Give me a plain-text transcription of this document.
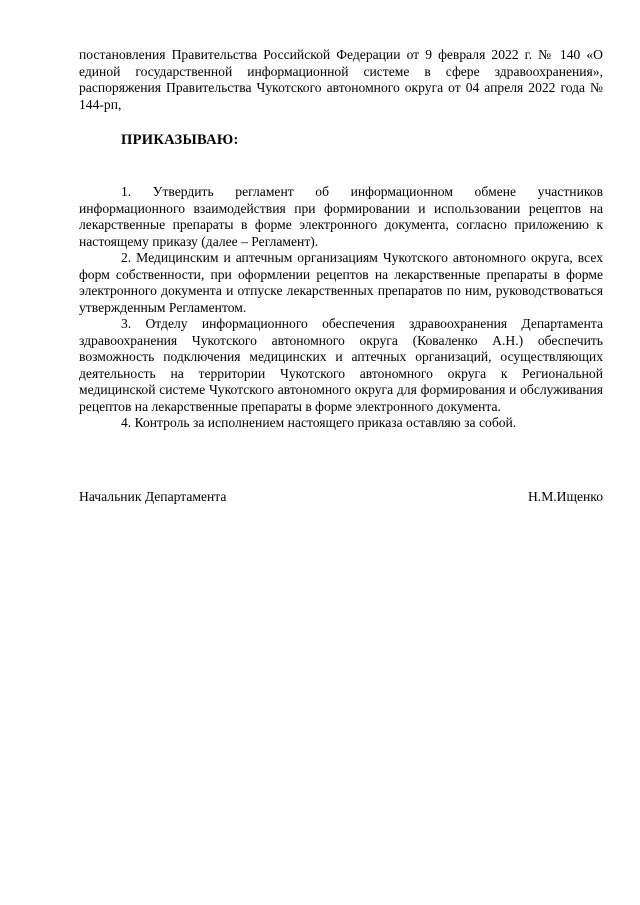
постановления Правительства Российской Федерации от 9 февраля 2022 г. № 140 «О единой государственной информационной системе в сфере здравоохранения», распоряжения Правительства Чукотского автономного округа от 04 апреля 2022 года № 144-рп,

ПРИКАЗЫВАЮ:

1. Утвердить регламент об информационном обмене участников информационного взаимодействия при формировании и использовании рецептов на лекарственные препараты в форме электронного документа, согласно приложению к настоящему приказу (далее – Регламент).

2. Медицинским и аптечным организациям Чукотского автономного округа, всех форм собственности, при оформлении рецептов на лекарственные препараты в форме электронного документа и отпуске лекарственных препаратов по ним, руководствоваться утвержденным Регламентом.

3. Отделу информационного обеспечения здравоохранения Департамента здравоохранения Чукотского автономного округа (Коваленко А.Н.) обеспечить возможность подключения медицинских и аптечных организаций, осуществляющих деятельность на территории Чукотского автономного округа к Региональной медицинской системе Чукотского автономного округа для формирования и обслуживания рецептов на лекарственные препараты в форме электронного документа.

4. Контроль за исполнением настоящего приказа оставляю за собой.

Начальник Департамента	Н.М.Ищенко
